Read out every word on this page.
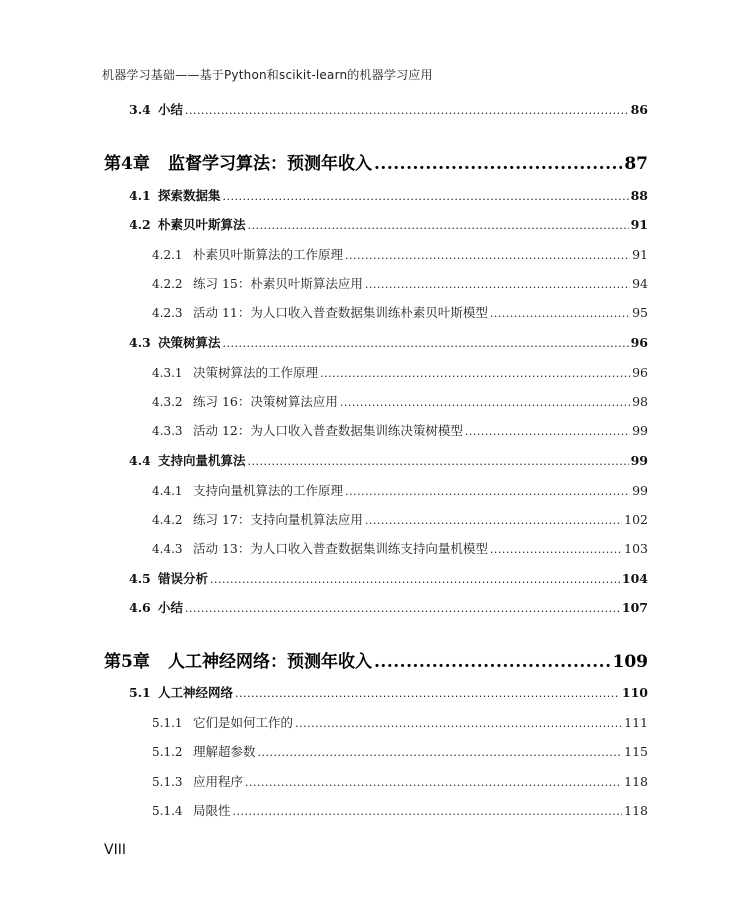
机器学习基础——基于Python和scikit-learn的机器学习应用
3.4 小结 .....	86
第4章	监督学习算法：预测年收入 .....	87
4.1 探索数据集 .....	88
4.2 朴素贝叶斯算法 .....	91
4.2.1 朴素贝叶斯算法的工作原理 .....	91
4.2.2 练习 15：朴素贝叶斯算法应用 .....	94
4.2.3 活动 11：为人口收入普查数据集训练朴素贝叶斯模型 .....	95
4.3 决策树算法 .....	96
4.3.1 决策树算法的工作原理 .....	96
4.3.2 练习 16：决策树算法应用 .....	98
4.3.3 活动 12：为人口收入普查数据集训练决策树模型 .....	99
4.4 支持向量机算法 .....	99
4.4.1 支持向量机算法的工作原理 .....	99
4.4.2 练习 17：支持向量机算法应用 .....	102
4.4.3 活动 13：为人口收入普查数据集训练支持向量机模型 .....	103
4.5 错误分析 .....	104
4.6 小结 .....	107
第5章	人工神经网络：预测年收入 .....	109
5.1 人工神经网络 .....	110
5.1.1 它们是如何工作的 .....	111
5.1.2 理解超参数 .....	115
5.1.3 应用程序 .....	118
5.1.4 局限性 .....	118
VIII
